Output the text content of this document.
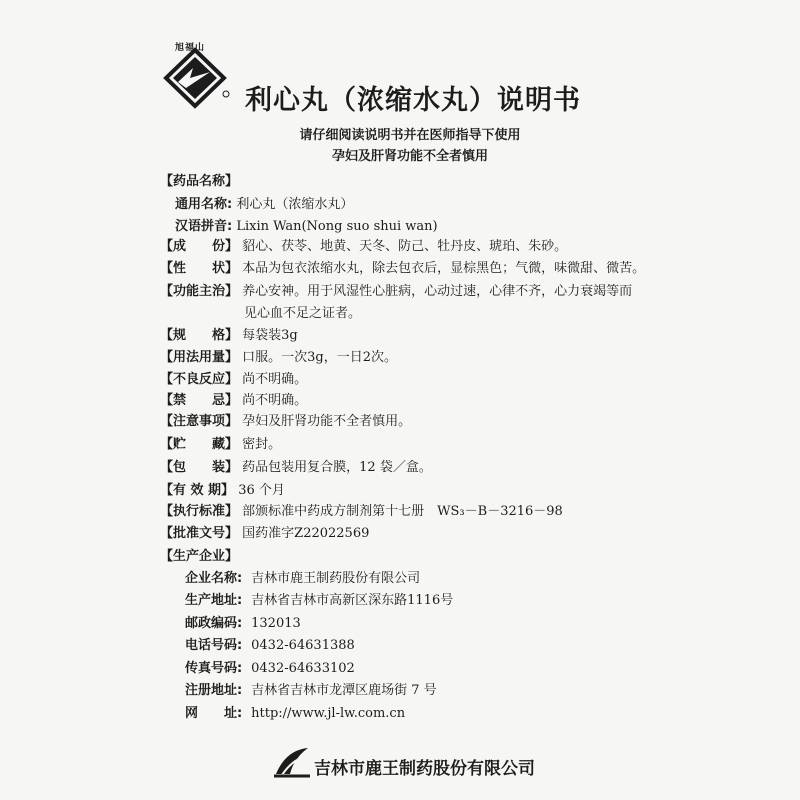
旭福山
利心丸（浓缩水丸）说明书
请仔细阅读说明书并在医师指导下使用
孕妇及肝肾功能不全者慎用
【药品名称】
通用名称: 利心丸（浓缩水丸）
汉语拼音: Lixin Wan(Nong suo shui wan)
【成　　份】 貂心、茯苓、地黄、天冬、防己、牡丹皮、琥珀、朱砂。
【性　　状】 本品为包衣浓缩水丸，除去包衣后，显棕黑色；气微，味微甜、微苦。
【功能主治】 养心安神。用于风湿性心脏病，心动过速，心律不齐，心力衰竭等而
见心血不足之证者。
【规　　格】 每袋装3g
【用法用量】 口服。一次3g，一日2次。
【不良反应】 尚不明确。
【禁　　忌】 尚不明确。
【注意事项】 孕妇及肝肾功能不全者慎用。
【贮　　藏】 密封。
【包　　装】 药品包装用复合膜，12 袋／盒。
【有 效 期】 36 个月
【执行标准】 部颁标准中药成方制剂第十七册　WS₃－B－3216－98
【批准文号】 国药准字Z22022569
【生产企业】
企业名称: 吉林市鹿王制药股份有限公司
生产地址: 吉林省吉林市高新区深东路1116号
邮政编码: 132013
电话号码: 0432-64631388
传真号码: 0432-64633102
注册地址: 吉林省吉林市龙潭区鹿场街 7 号
网　　址: http://www.jl-lw.com.cn
吉林市鹿王制药股份有限公司
